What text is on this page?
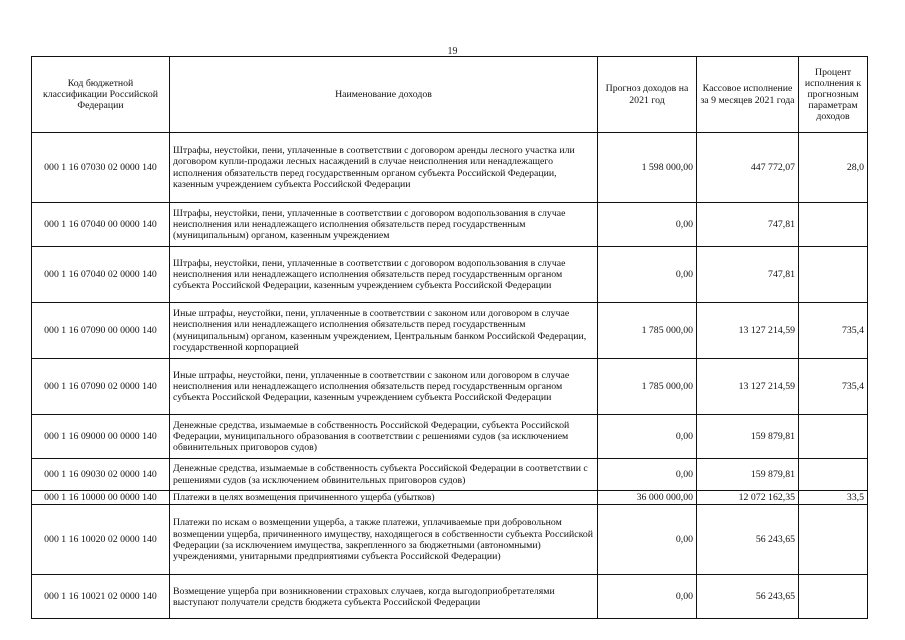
19
Код бюджетной классификации Российской Федерации	Наименование доходов	Прогноз доходов на 2021 год	Кассовое исполнение за 9 месяцев 2021 года	Процент исполнения к прогнозным параметрам доходов
000 1 16 07030 02 0000 140	Штрафы, неустойки, пени, уплаченные в соответствии с договором аренды лесного участка или договором купли-продажи лесных насаждений в случае неисполнения или ненадлежащего исполнения обязательств перед государственным органом субъекта Российской Федерации, казенным учреждением субъекта Российской Федерации	1 598 000,00	447 772,07	28,0
000 1 16 07040 00 0000 140	Штрафы, неустойки, пени, уплаченные в соответствии с договором водопользования в случае неисполнения или ненадлежащего исполнения обязательств перед государственным (муниципальным) органом, казенным учреждением	0,00	747,81	
000 1 16 07040 02 0000 140	Штрафы, неустойки, пени, уплаченные в соответствии с договором водопользования в случае неисполнения или ненадлежащего исполнения обязательств перед государственным органом субъекта Российской Федерации, казенным учреждением субъекта Российской Федерации	0,00	747,81	
000 1 16 07090 00 0000 140	Иные штрафы, неустойки, пени, уплаченные в соответствии с законом или договором в случае неисполнения или ненадлежащего исполнения обязательств перед государственным (муниципальным) органом, казенным учреждением, Центральным банком Российской Федерации, государственной корпорацией	1 785 000,00	13 127 214,59	735,4
000 1 16 07090 02 0000 140	Иные штрафы, неустойки, пени, уплаченные в соответствии с законом или договором в случае неисполнения или ненадлежащего исполнения обязательств перед государственным органом субъекта Российской Федерации, казенным учреждением субъекта Российской Федерации	1 785 000,00	13 127 214,59	735,4
000 1 16 09000 00 0000 140	Денежные средства, изымаемые в собственность Российской Федерации, субъекта Российской Федерации, муниципального образования в соответствии с решениями судов (за исключением обвинительных приговоров судов)	0,00	159 879,81	
000 1 16 09030 02 0000 140	Денежные средства, изымаемые в собственность субъекта Российской Федерации в соответствии с решениями судов (за исключением обвинительных приговоров судов)	0,00	159 879,81	
000 1 16 10000 00 0000 140	Платежи в целях возмещения причиненного ущерба (убытков)	36 000 000,00	12 072 162,35	33,5
000 1 16 10020 02 0000 140	Платежи по искам о возмещении ущерба, а также платежи, уплачиваемые при добровольном возмещении ущерба, причиненного имуществу, находящегося в собственности субъекта Российской Федерации (за исключением имущества, закрепленного за бюджетными (автономными) учреждениями, унитарными предприятиями субъекта Российской Федерации)	0,00	56 243,65	
000 1 16 10021 02 0000 140	Возмещение ущерба при возникновении страховых случаев, когда выгодоприобретателями выступают получатели средств бюджета субъекта Российской Федерации	0,00	56 243,65	
